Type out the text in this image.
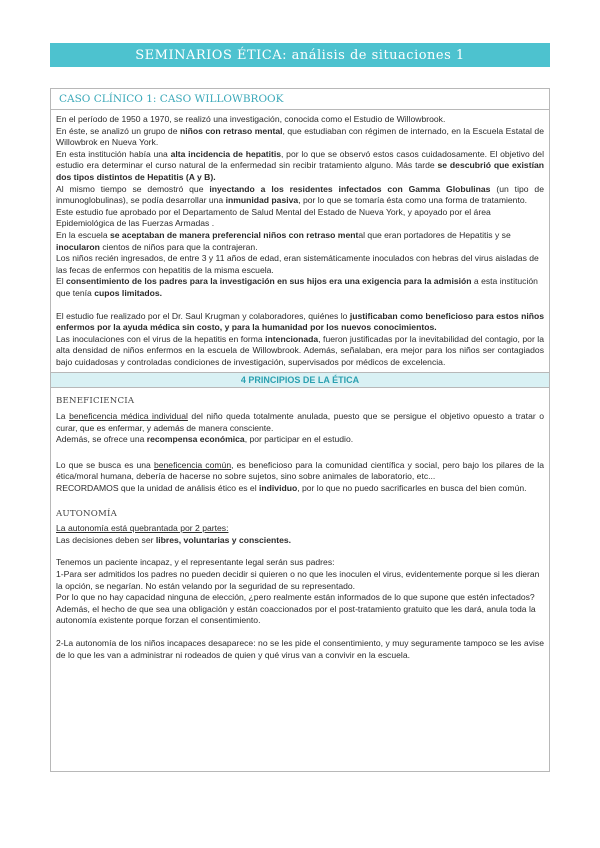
SEMINARIOS ÉTICA: análisis de situaciones 1
CASO CLÍNICO 1: CASO WILLOWBROOK

En el período de 1950 a 1970, se realizó una investigación, conocida como el Estudio de Willowbrook.

En éste, se analizó un grupo de niños con retraso mental, que estudiaban con régimen de internado, en la Escuela Estatal de Willowbrok en Nueva York.

En esta institución había una alta incidencia de hepatitis, por lo que se observó estos casos cuidadosamente. El objetivo del estudio era determinar el curso natural de la enfermedad sin recibir tratamiento alguno. Más tarde se descubrió que existían dos tipos distintos de Hepatitis (A y B).

Al mismo tiempo se demostró que inyectando a los residentes infectados con Gamma Globulinas (un tipo de inmunoglobulinas), se podía desarrollar una inmunidad pasiva, por lo que se tomaría ésta como una forma de tratamiento.

Este estudio fue aprobado por el Departamento de Salud Mental del Estado de Nueva York, y apoyado por el área Epidemiológica de las Fuerzas Armadas .

En la escuela se aceptaban de manera preferencial niños con retraso mental que eran portadores de Hepatitis y se inocularon cientos de niños para que la contrajeran.

Los niños recién ingresados, de entre 3 y 11 años de edad, eran sistemáticamente inoculados con hebras del virus aisladas de las fecas de enfermos con hepatitis de la misma escuela.

El consentimiento de los padres para la investigación en sus hijos era una exigencia para la admisión a esta institución que tenía cupos limitados.

El estudio fue realizado por el Dr. Saul Krugman y colaboradores, quiénes lo justificaban como beneficioso para estos niños enfermos por la ayuda médica sin costo, y para la humanidad por los nuevos conocimientos.

Las inoculaciones con el virus de la hepatitis en forma intencionada, fueron justificadas por la inevitabilidad del contagio, por la alta densidad de niños enfermos en la escuela de Willowbrook. Además, señalaban, era mejor para los niños ser contagiados bajo cuidadosas y controladas condiciones de investigación, supervisados por médicos de excelencia.

4 PRINCIPIOS DE LA ÉTICA

BENEFICIENCIA

La beneficencia médica individual del niño queda totalmente anulada, puesto que se persigue el objetivo opuesto a tratar o curar, que es enfermar, y además de manera consciente.

Además, se ofrece una recompensa económica, por participar en el estudio.

Lo que se busca es una beneficencia común, es beneficioso para la comunidad científica y social, pero bajo los pilares de la ética/moral humana, debería de hacerse no sobre sujetos, sino sobre animales de laboratorio, etc...

RECORDAMOS que la unidad de análisis ético es el individuo, por lo que no puedo sacrificarles en busca del bien común.

AUTONOMÍA

La autonomía está quebrantada por 2 partes:

Las decisiones deben ser libres, voluntarias y conscientes.

Tenemos un paciente incapaz, y el representante legal serán sus padres:

1-Para ser admitidos los padres no pueden decidir si quieren o no que les inoculen el virus, evidentemente porque si les dieran la opción, se negarían. No están velando por la seguridad de su representado.

Por lo que no hay capacidad ninguna de elección, ¿pero realmente están informados de lo que supone que estén infectados? Además, el hecho de que sea una obligación y están coaccionados por el post-tratamiento gratuito que les dará, anula toda la autonomía existente porque forzan el consentimiento.

2-La autonomía de los niños incapaces desaparece: no se les pide el consentimiento, y muy seguramente tampoco se les avise de lo que les van a administrar ni rodeados de quien y qué virus van a convivir en la escuela.
